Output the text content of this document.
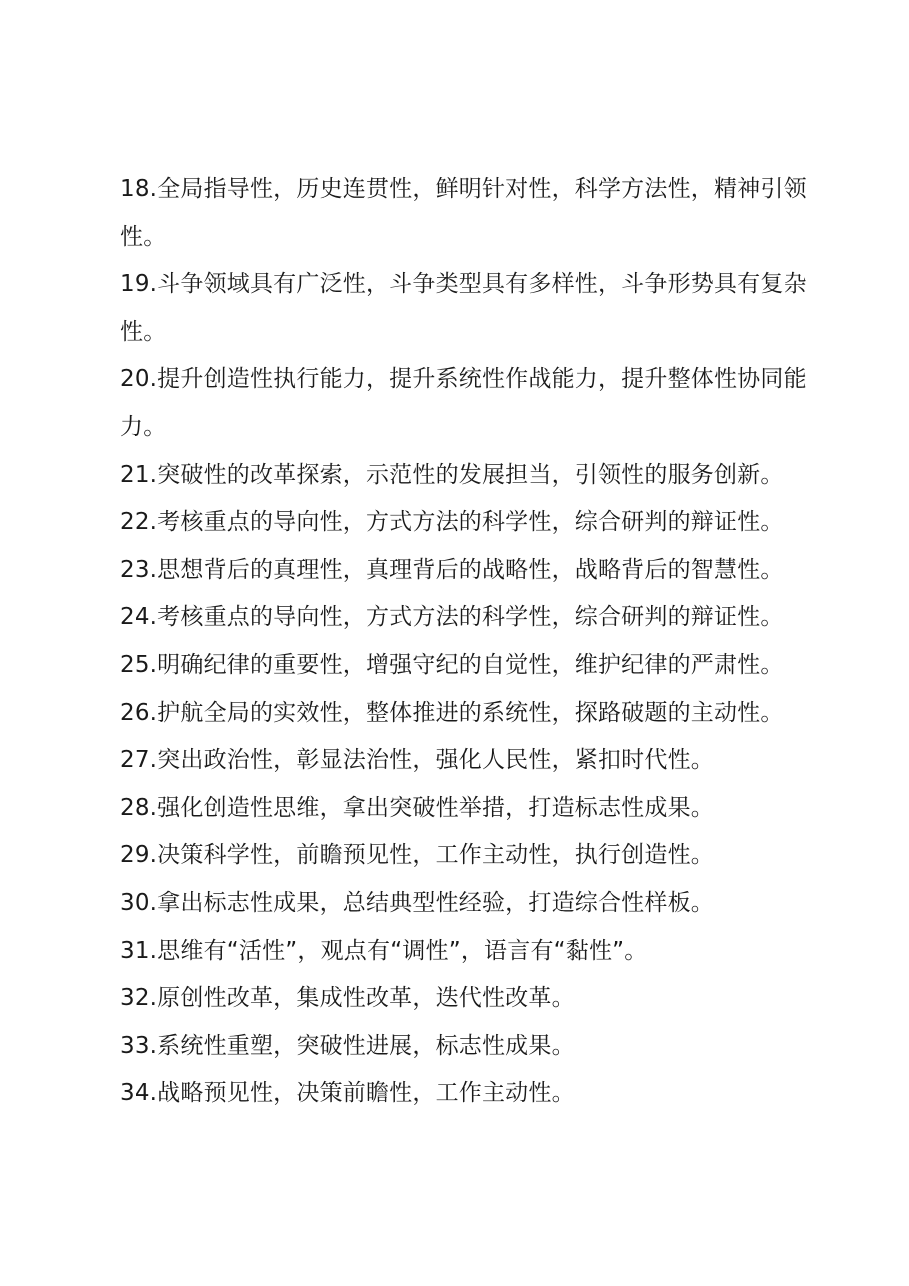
18.全局指导性，历史连贯性，鲜明针对性，科学方法性，精神引领性。

19.斗争领域具有广泛性，斗争类型具有多样性，斗争形势具有复杂性。

20.提升创造性执行能力，提升系统性作战能力，提升整体性协同能力。

21.突破性的改革探索，示范性的发展担当，引领性的服务创新。

22.考核重点的导向性，方式方法的科学性，综合研判的辩证性。

23.思想背后的真理性，真理背后的战略性，战略背后的智慧性。

24.考核重点的导向性，方式方法的科学性，综合研判的辩证性。

25.明确纪律的重要性，增强守纪的自觉性，维护纪律的严肃性。

26.护航全局的实效性，整体推进的系统性，探路破题的主动性。

27.突出政治性，彰显法治性，强化人民性，紧扣时代性。

28.强化创造性思维，拿出突破性举措，打造标志性成果。

29.决策科学性，前瞻预见性，工作主动性，执行创造性。

30.拿出标志性成果，总结典型性经验，打造综合性样板。

31.思维有“活性”，观点有“调性”，语言有“黏性”。

32.原创性改革，集成性改革，迭代性改革。

33.系统性重塑，突破性进展，标志性成果。

34.战略预见性，决策前瞻性，工作主动性。
